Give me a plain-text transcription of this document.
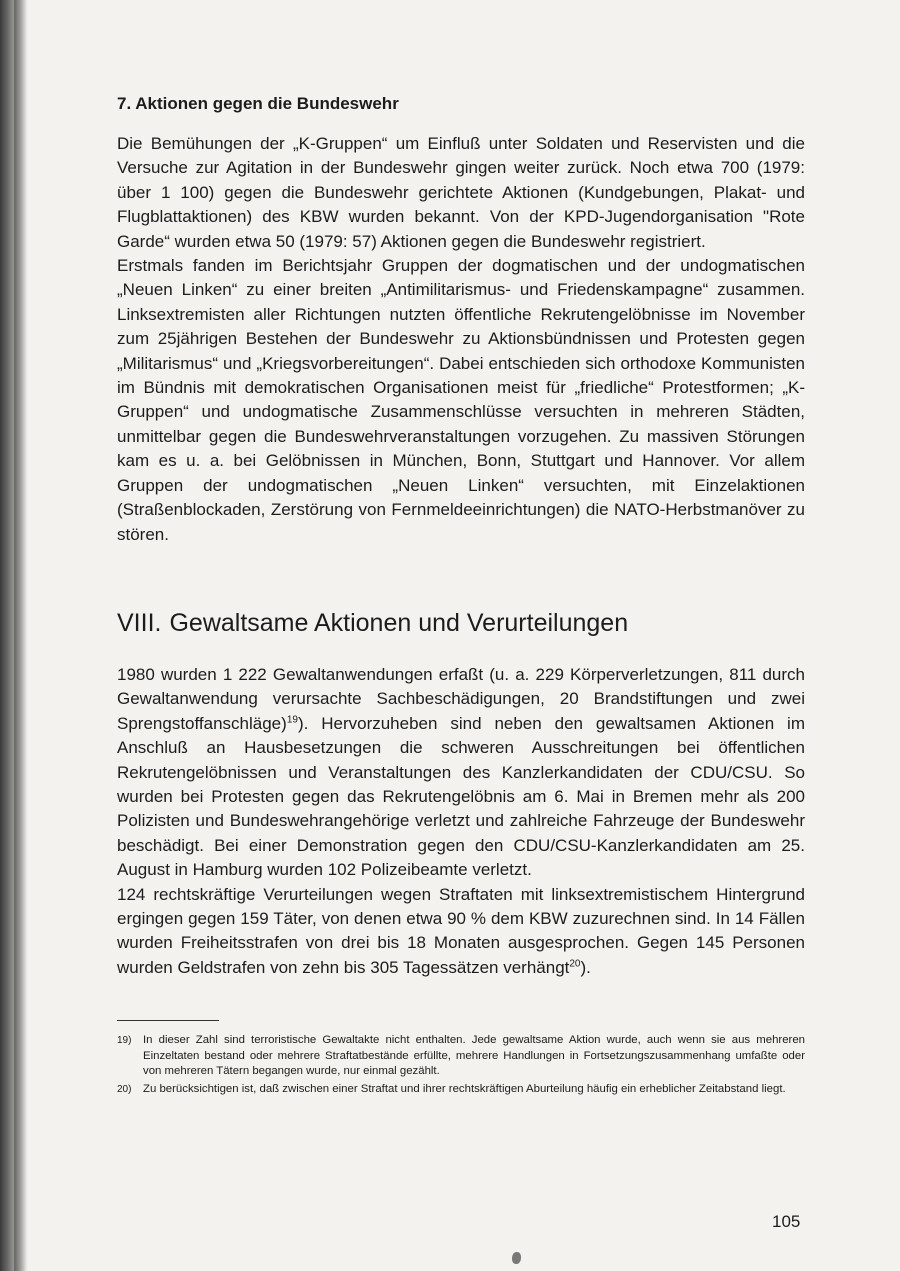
7. Aktionen gegen die Bundeswehr

Die Bemühungen der „K-Gruppen“ um Einfluß unter Soldaten und Reservisten und die Versuche zur Agitation in der Bundeswehr gingen weiter zurück. Noch etwa 700 (1979: über 1 100) gegen die Bundeswehr gerichtete Aktionen (Kundgebungen, Plakat- und Flugblattaktionen) des KBW wurden bekannt. Von der KPD-Jugendorganisation "Rote Garde“ wurden etwa 50 (1979: 57) Aktionen gegen die Bundeswehr registriert.

Erstmals fanden im Berichtsjahr Gruppen der dogmatischen und der undogmatischen „Neuen Linken“ zu einer breiten „Antimilitarismus- und Friedenskampagne“ zusammen. Linksextremisten aller Richtungen nutzten öffentliche Rekrutengelöbnisse im November zum 25jährigen Bestehen der Bundeswehr zu Aktionsbündnissen und Protesten gegen „Militarismus“ und „Kriegsvorbereitungen“. Dabei entschieden sich orthodoxe Kommunisten im Bündnis mit demokratischen Organisationen meist für „friedliche“ Protestformen; „K-Gruppen“ und undogmatische Zusammenschlüsse versuchten in mehreren Städten, unmittelbar gegen die Bundeswehrveranstaltungen vorzugehen. Zu massiven Störungen kam es u. a. bei Gelöbnissen in München, Bonn, Stuttgart und Hannover. Vor allem Gruppen der undogmatischen „Neuen Linken“ versuchten, mit Einzelaktionen (Straßenblockaden, Zerstörung von Fernmeldeeinrichtungen) die NATO-Herbstmanöver zu stören.

VIII. Gewaltsame Aktionen und Verurteilungen

1980 wurden 1 222 Gewaltanwendungen erfaßt (u. a. 229 Körperverletzungen, 811 durch Gewaltanwendung verursachte Sachbeschädigungen, 20 Brandstiftungen und zwei Sprengstoffanschläge)$^{19}$). Hervorzuheben sind neben den gewaltsamen Aktionen im Anschluß an Hausbesetzungen die schweren Ausschreitungen bei öffentlichen Rekrutengelöbnissen und Veranstaltungen des Kanzlerkandidaten der CDU/CSU. So wurden bei Protesten gegen das Rekrutengelöbnis am 6. Mai in Bremen mehr als 200 Polizisten und Bundeswehrangehörige verletzt und zahlreiche Fahrzeuge der Bundeswehr beschädigt. Bei einer Demonstration gegen den CDU/CSU-Kanzlerkandidaten am 25. August in Hamburg wurden 102 Polizeibeamte verletzt.

124 rechtskräftige Verurteilungen wegen Straftaten mit linksextremistischem Hintergrund ergingen gegen 159 Täter, von denen etwa 90 % dem KBW zuzurechnen sind. In 14 Fällen wurden Freiheitsstrafen von drei bis 18 Monaten ausgesprochen. Gegen 145 Personen wurden Geldstrafen von zehn bis 305 Tagessätzen verhängt$^{20}$).

19)	In dieser Zahl sind terroristische Gewaltakte nicht enthalten. Jede gewaltsame Aktion wurde, auch wenn sie aus mehreren Einzeltaten bestand oder mehrere Straftatbestände erfüllte, mehrere Handlungen in Fortsetzungszusammenhang umfaßte oder von mehreren Tätern begangen wurde, nur einmal gezählt.
20)	Zu berücksichtigen ist, daß zwischen einer Straftat und ihrer rechtskräftigen Aburteilung häufig ein erheblicher Zeitabstand liegt.
105
